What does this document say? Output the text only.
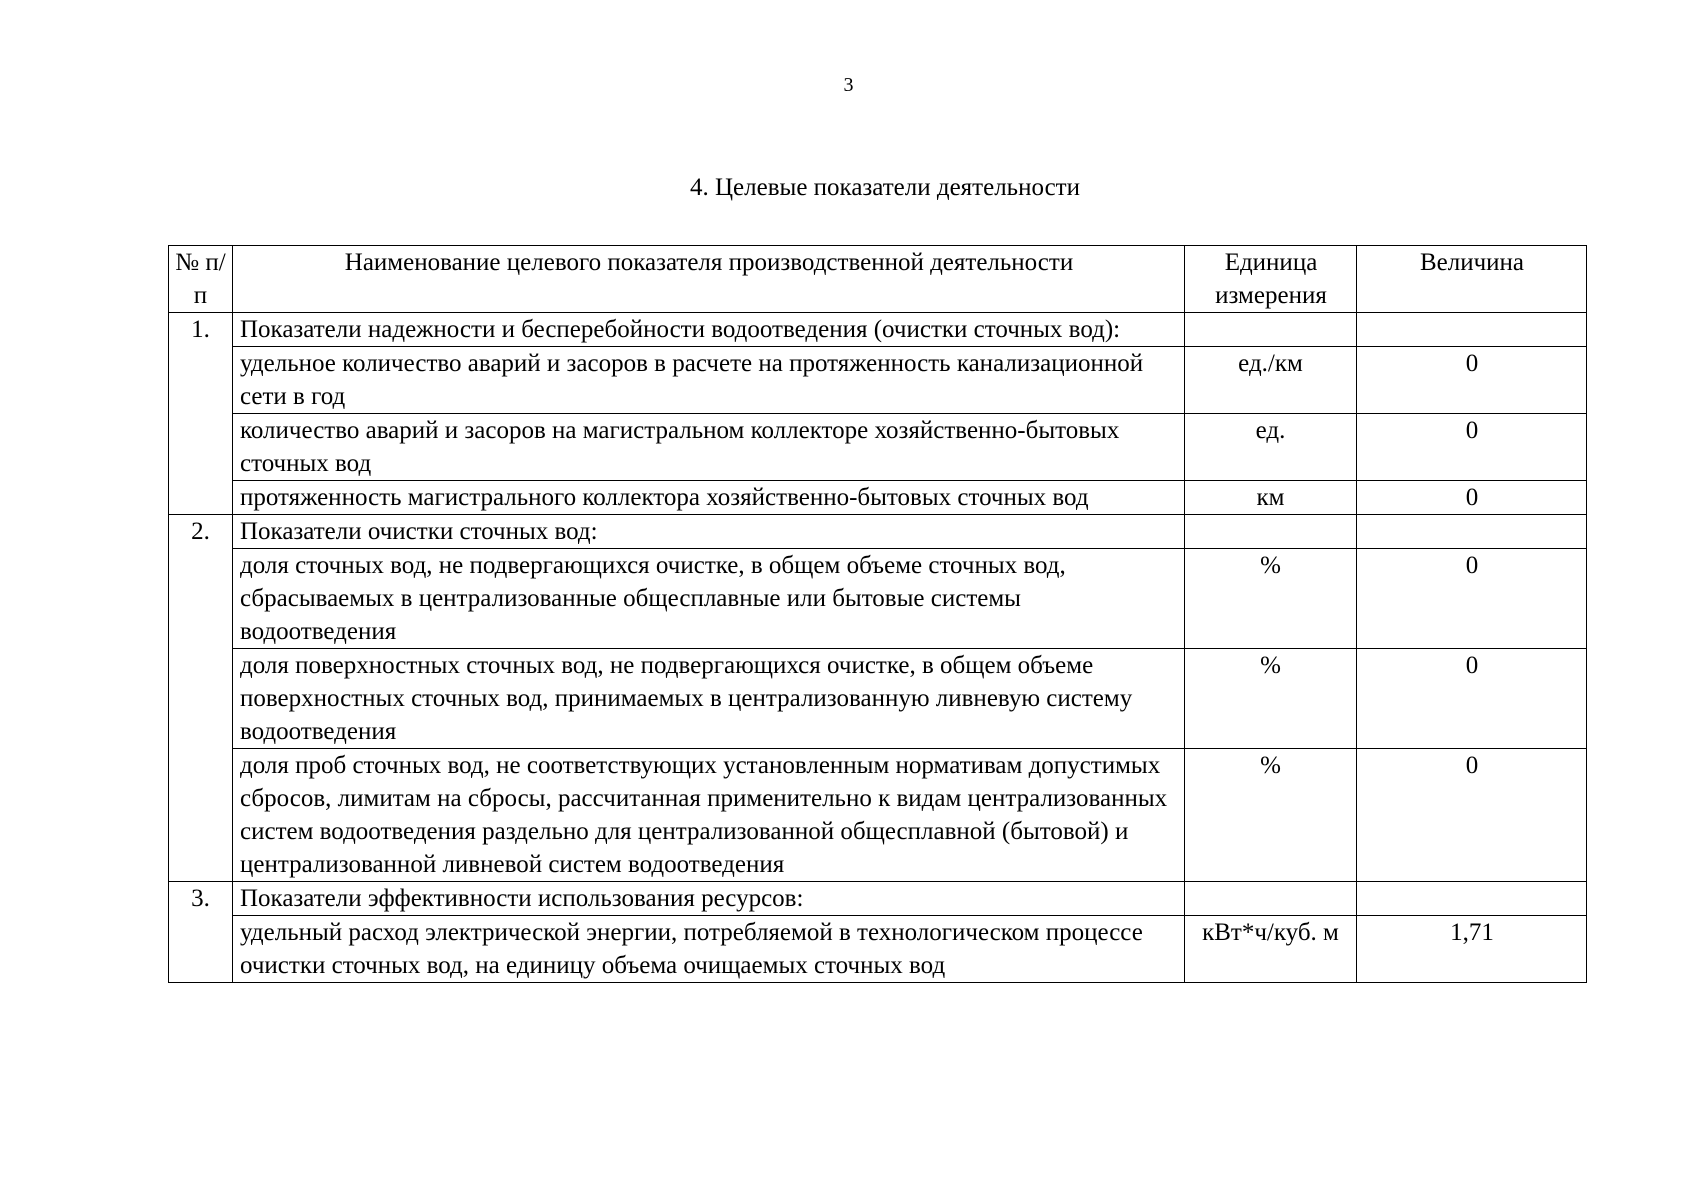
3
4. Целевые показатели деятельности
№ п/п	Наименование целевого показателя производственной деятельности	Единица измерения	Величина
1.	Показатели надежности и бесперебойности водоотведения (очистки сточных вод):		
	удельное количество аварий и засоров в расчете на протяженность канализационной сети в год	ед./км	0
	количество аварий и засоров на магистральном коллекторе хозяйственно-бытовых сточных вод	ед.	0
	протяженность магистрального коллектора хозяйственно-бытовых сточных вод	км	0
2.	Показатели очистки сточных вод:		
	доля сточных вод, не подвергающихся очистке, в общем объеме сточных вод, сбрасываемых в централизованные общесплавные или бытовые системы водоотведения	%	0
	доля поверхностных сточных вод, не подвергающихся очистке, в общем объеме поверхностных сточных вод, принимаемых в централизованную ливневую систему водоотведения	%	0
	доля проб сточных вод, не соответствующих установленным нормативам допустимых сбросов, лимитам на сбросы, рассчитанная применительно к видам централизованных систем водоотведения раздельно для централизованной общесплавной (бытовой) и централизованной ливневой систем водоотведения	%	0
3.	Показатели эффективности использования ресурсов:		
	удельный расход электрической энергии, потребляемой в технологическом процессе очистки сточных вод, на единицу объема очищаемых сточных вод	кВт*ч/куб. м	1,71
